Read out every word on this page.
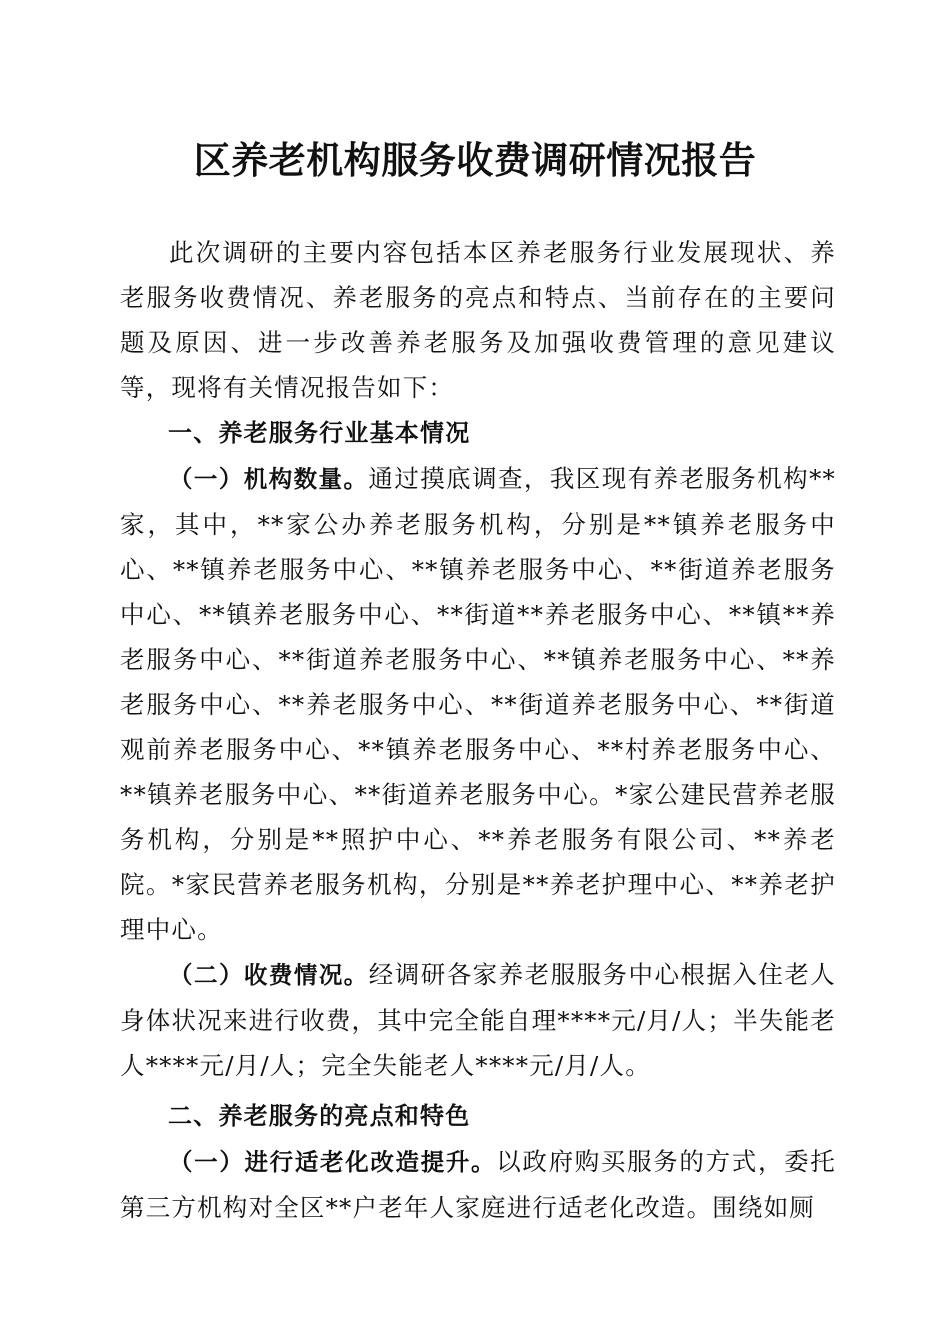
区养老机构服务收费调研情况报告

此次调研的主要内容包括本区养老服务行业发展现状、养老服务收费情况、养老服务的亮点和特点、当前存在的主要问题及原因、进一步改善养老服务及加强收费管理的意见建议等，现将有关情况报告如下：

一、养老服务行业基本情况

（一）机构数量。通过摸底调查，我区现有养老服务机构**家，其中，**家公办养老服务机构，分别是**镇养老服务中心、**镇养老服务中心、**镇养老服务中心、**街道养老服务中心、**镇养老服务中心、**街道**养老服务中心、**镇**养老服务中心、**街道养老服务中心、**镇养老服务中心、**养老服务中心、**养老服务中心、**街道养老服务中心、**街道观前养老服务中心、**镇养老服务中心、**村养老服务中心、**镇养老服务中心、**街道养老服务中心。*家公建民营养老服务机构，分别是**照护中心、**养老服务有限公司、**养老院。*家民营养老服务机构，分别是**养老护理中心、**养老护理中心。

（二）收费情况。经调研各家养老服服务中心根据入住老人身体状况来进行收费，其中完全能自理****元/月/人；半失能老人****元/月/人；完全失能老人****元/月/人。

二、养老服务的亮点和特色

（一）进行适老化改造提升。以政府购买服务的方式，委托第三方机构对全区**户老年人家庭进行适老化改造。围绕如厕
